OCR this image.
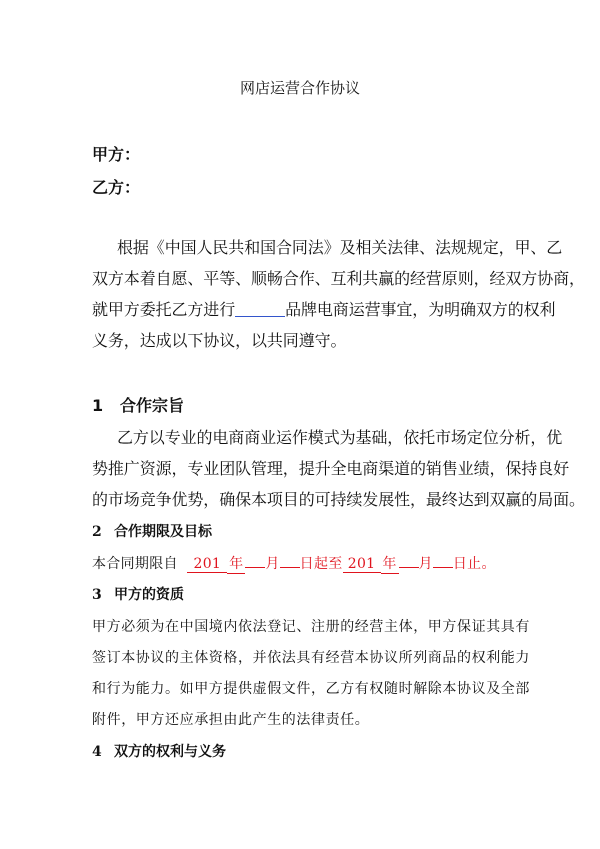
网店运营合作协议
甲方：
乙方：
根据《中国人民共和国合同法》及相关法律、法规规定，甲、乙
双方本着自愿、平等、顺畅合作、互利共赢的经营原则，经双方协商，
就甲方委托乙方进行	品牌电商运营事宜，为明确双方的权利
义务，达成以下协议，以共同遵守。
1 合作宗旨
乙方以专业的电商商业运作模式为基础，依托市场定位分析，优
势推广资源，专业团队管理，提升全电商渠道的销售业绩，保持良好
的市场竞争优势，确保本项目的可持续发展性，最终达到双赢的局面。
2 合作期限及目标
本合同期限自 201 年 月 日起至 201 年 月 日止。
3 甲方的资质
甲方必须为在中国境内依法登记、注册的经营主体，甲方保证其具有
签订本协议的主体资格，并依法具有经营本协议所列商品的权利能力
和行为能力。如甲方提供虚假文件，乙方有权随时解除本协议及全部
附件，甲方还应承担由此产生的法律责任。
4 双方的权利与义务
